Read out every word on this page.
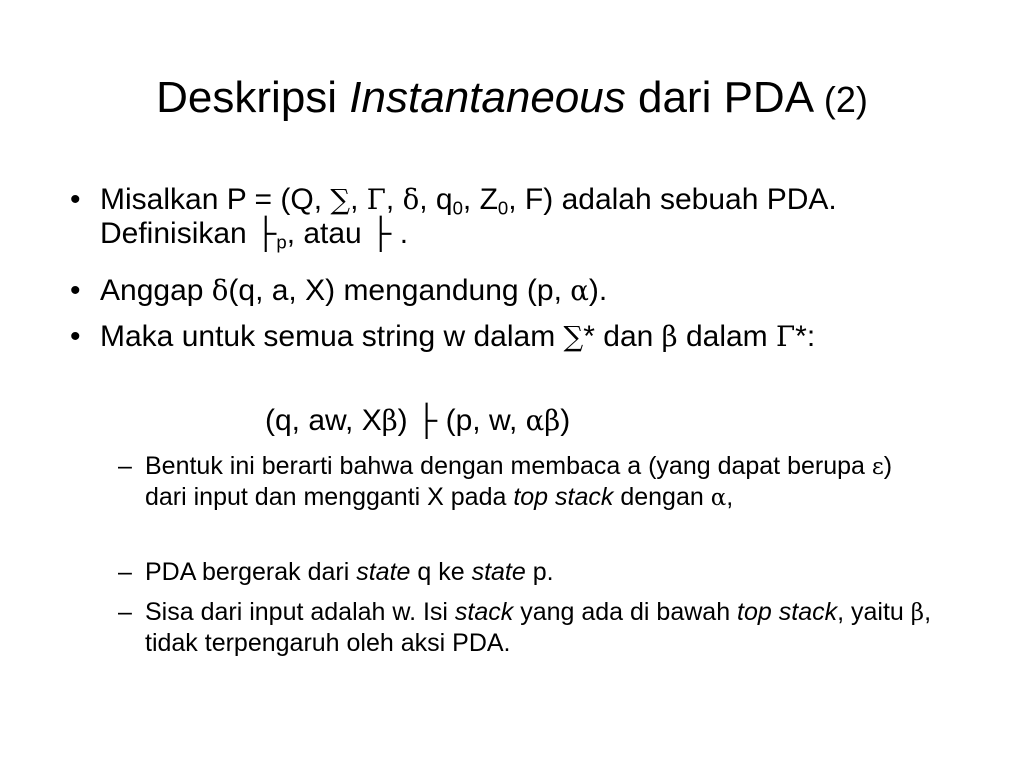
Deskripsi Instantaneous dari PDA (2)
• Misalkan P = (Q, ∑, Γ, δ, $q_0$, $Z_0$, F) adalah sebuah PDA. Definisikan $├_p$, atau ├ .
• Anggap δ(q, a, X) mengandung (p, α).
• Maka untuk semua string w dalam ∑* dan β dalam Γ*:
(q, aw, Xβ) ├ (p, w, αβ)
– Bentuk ini berarti bahwa dengan membaca a (yang dapat berupa ε) dari input dan mengganti X pada top stack dengan α,
– PDA bergerak dari state q ke state p.
– Sisa dari input adalah w. Isi stack yang ada di bawah top stack, yaitu β, tidak terpengaruh oleh aksi PDA.
